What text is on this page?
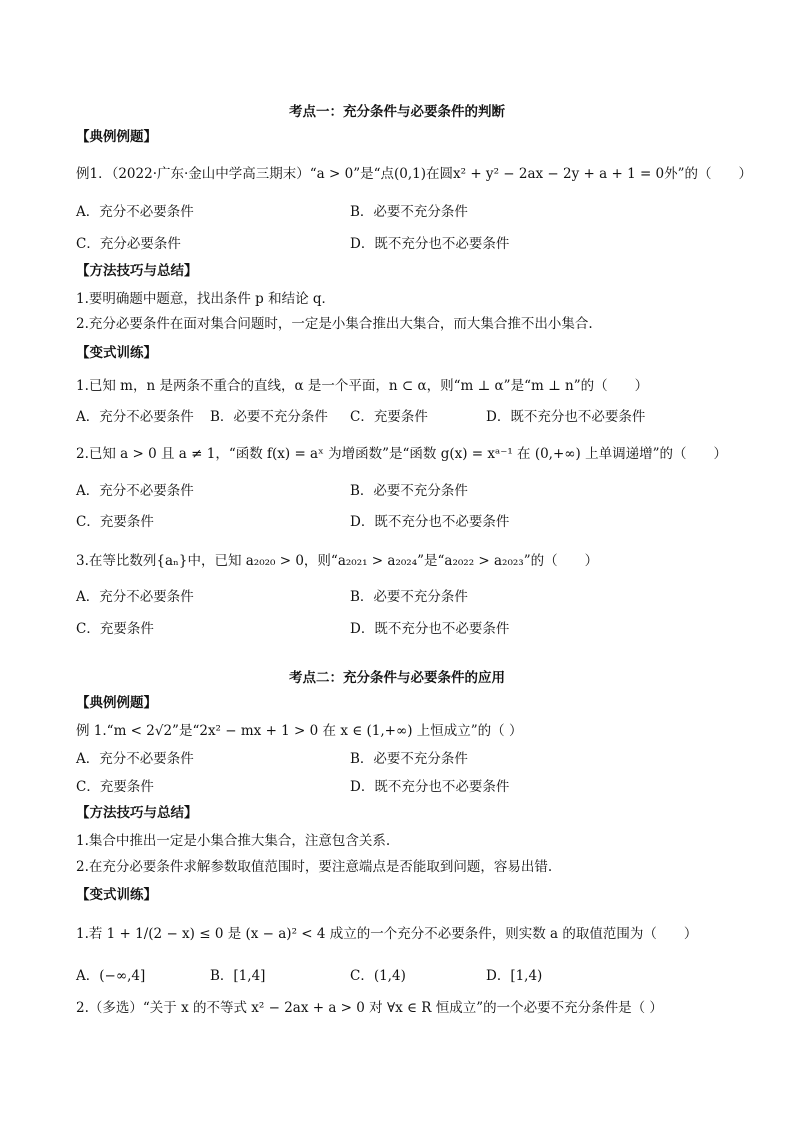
考点一：充分条件与必要条件的判断
【典例例题】
例1．（2022·广东·金山中学高三期末）“a > 0”是“点(0,1)在圆x² + y² − 2ax − 2y + a + 1 = 0外”的（　　）
A．充分不必要条件	B．必要不充分条件
C．充分必要条件	D．既不充分也不必要条件
【方法技巧与总结】
1.要明确题中题意，找出条件 p 和结论 q．
2.充分必要条件在面对集合问题时，一定是小集合推出大集合，而大集合推不出小集合.
【变式训练】
1.已知 m，n 是两条不重合的直线，α 是一个平面，n ⊂ α，则“m ⊥ α”是“m ⊥ n”的（　　）
A．充分不必要条件 B．必要不充分条件 C．充要条件	D．既不充分也不必要条件
2.已知 a > 0 且 a ≠ 1，“函数 f(x) = aˣ 为增函数”是“函数 g(x) = xᵃ⁻¹ 在 (0,+∞) 上单调递增”的（　　）
A．充分不必要条件	B．必要不充分条件
C．充要条件	D．既不充分也不必要条件
3.在等比数列{aₙ}中，已知 a₂₀₂₀ > 0，则“a₂₀₂₁ > a₂₀₂₄”是“a₂₀₂₂ > a₂₀₂₃”的（　　）
A．充分不必要条件	B．必要不充分条件
C．充要条件	D．既不充分也不必要条件
考点二：充分条件与必要条件的应用
【典例例题】
例 1.“m < 2√2”是“2x² − mx + 1 > 0 在 x ∈ (1,+∞) 上恒成立”的（ ）
A．充分不必要条件	B．必要不充分条件
C．充要条件	D．既不充分也不必要条件
【方法技巧与总结】
1.集合中推出一定是小集合推大集合，注意包含关系.
2.在充分必要条件求解参数取值范围时，要注意端点是否能取到问题，容易出错.
【变式训练】
1.若 1 + 1/(2 − x) ≤ 0 是 (x − a)² < 4 成立的一个充分不必要条件，则实数 a 的取值范围为（　　）
A．(−∞,4]	B．[1,4]	C．(1,4)	D．[1,4)
2.（多选）“关于 x 的不等式 x² − 2ax + a > 0 对 ∀x ∈ R 恒成立”的一个必要不充分条件是（ ）
